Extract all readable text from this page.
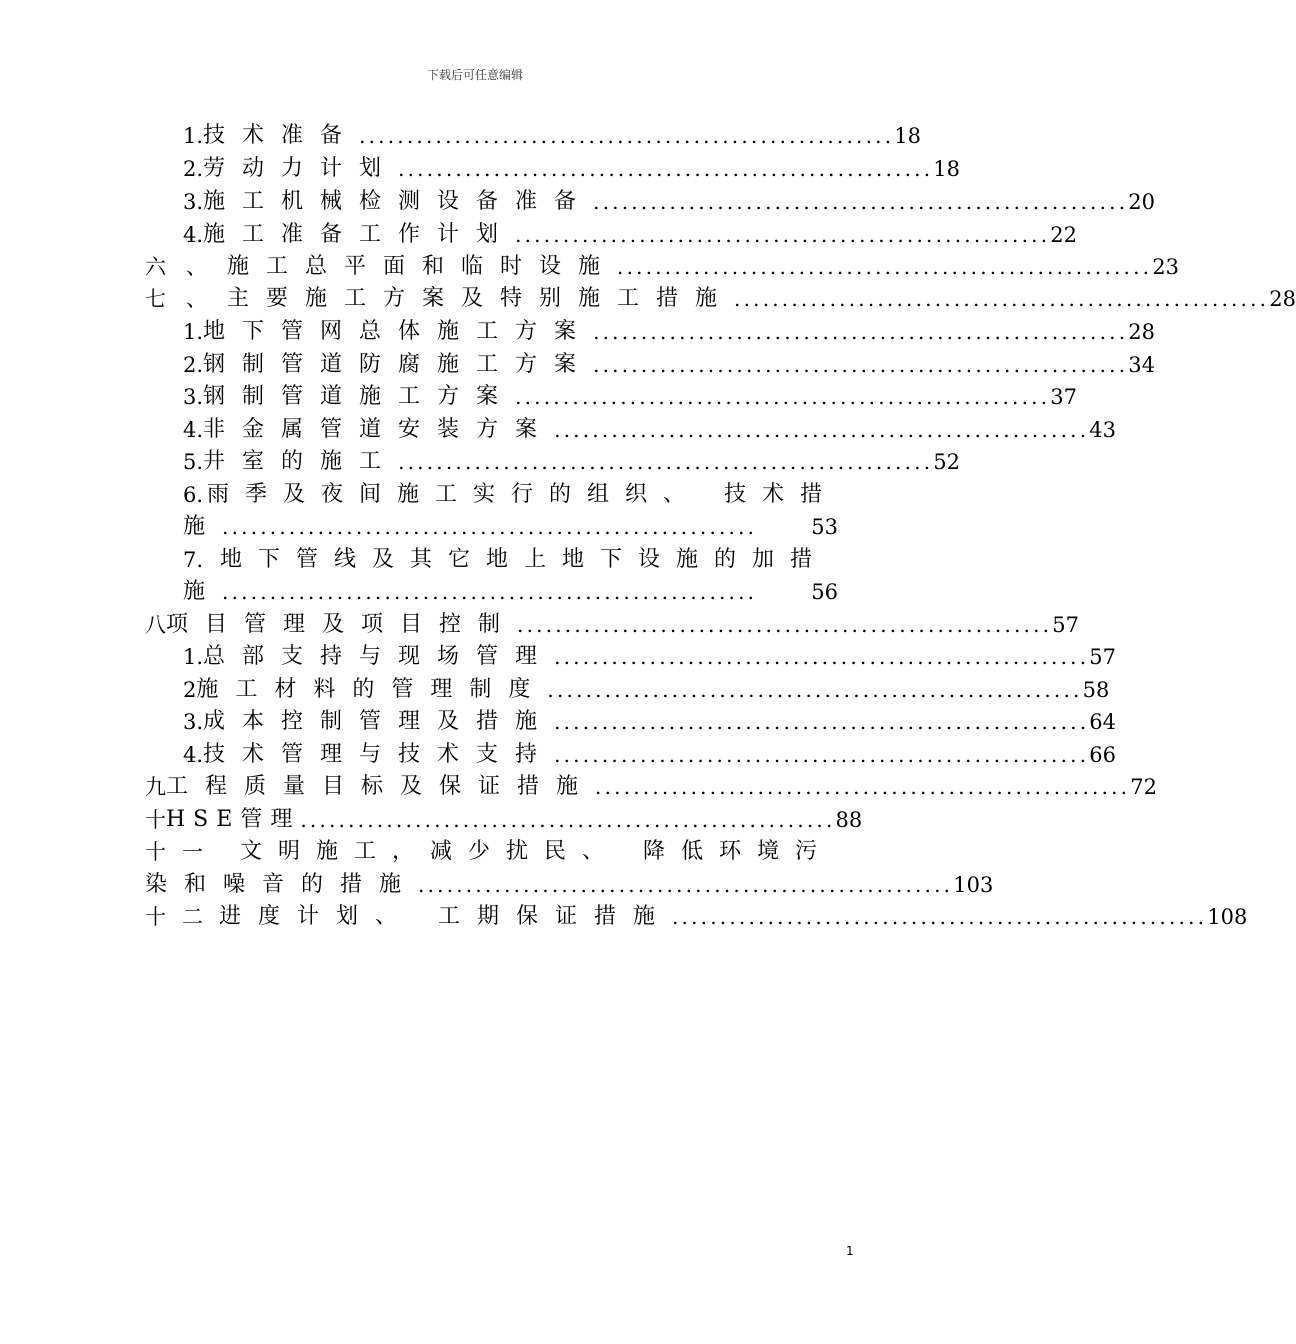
下载后可任意编辑
1. 技术准备 ........................................................ 18
2. 劳动力计划 ........................................................ 18
3. 施工机械检测设备准备 ........................................................ 20
4. 施工准备工作计划 ........................................................ 22
六、 施工总平面和临时设施 ........................................................ 23
七、 主要施工方案及特别施工措施 ........................................................ 28
1. 地下管网总体施工方案 ........................................................ 28
2. 钢制管道防腐施工方案 ........................................................ 34
3. 钢制管道施工方案 ........................................................ 37
4. 非金属管道安装方案 ........................................................ 43
5. 井室的施工 ........................................................ 52
6. 雨季及夜间施工实行的组织、 技术措
施 ........................................................	53
7. 地下管线及其它地上地下设施的加措
施 ........................................................	56
八 项目管理及项目控制 ........................................................ 57
1. 总部支持与现场管理 ........................................................ 57
2 施工材料的管理制度 ........................................................ 58
3. 成本控制管理及措施 ........................................................ 64
4. 技术管理与技术支持 ........................................................ 66
九 工程质量目标及保证措施 ........................................................ 72
十 HSE管理 ........................................................ 88
十一 文明施工，减少扰民、 降低环境污
染和噪音的措施 ........................................................ 103
十二 进度计划、 工期保证措施 ........................................................ 108
1
